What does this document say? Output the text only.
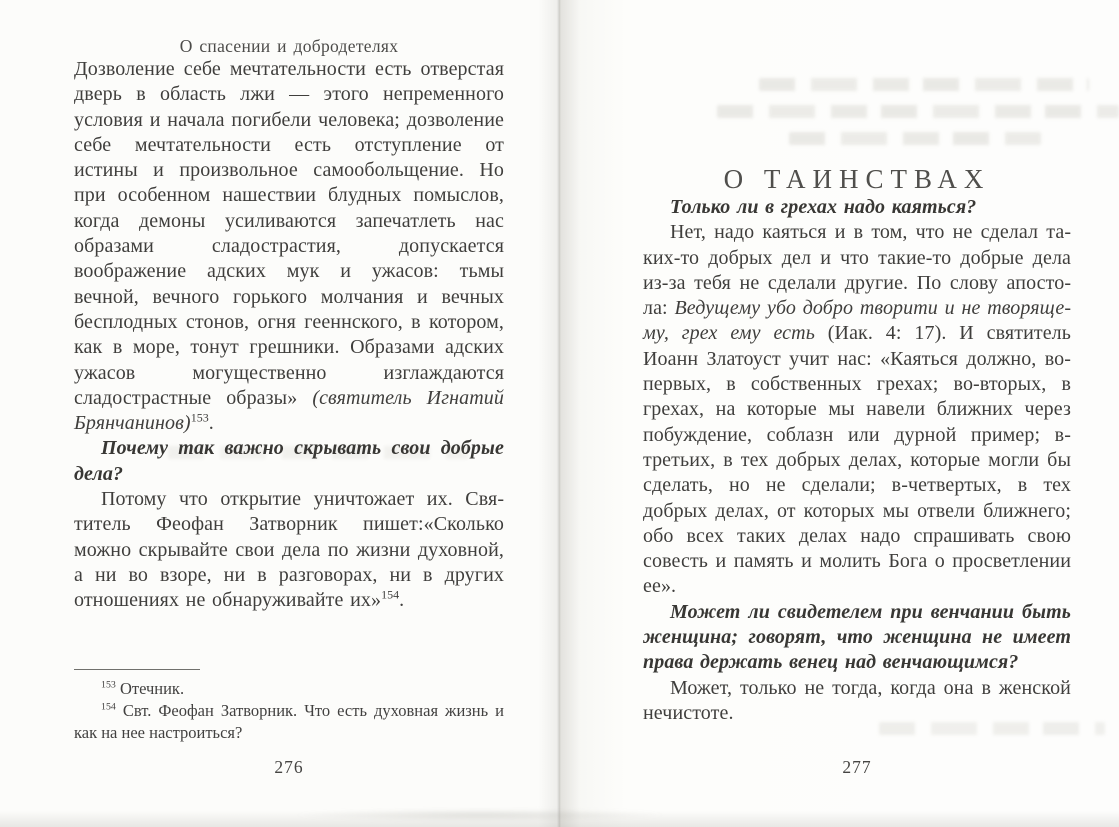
О спасении и добродетелях

Дозволение себе мечтательности есть отверстая дверь в область лжи — этого непременного условия и начала погибели человека; дозволение себе мечтательности есть отступление от истины и произвольное самообольщение. Но при особенном нашествии блудных помыслов, когда демоны усиливаются запечатлеть нас образами сладострастия, допускается воображение адских мук и ужасов: тьмы вечной, вечного горького молчания и вечных бесплодных стонов, огня гееннского, в котором, как в море, тонут грешники. Образами адских ужасов могущественно изглаждаются сладострастные образы» (святитель Игнатий Брянчанинов)$^{153}$.

Почему так важно скрывать свои добрые дела?

Потому что открытие уничтожает их. Святитель Феофан Затворник пишет:«Сколько можно скрывайте свои дела по жизни духовной, а ни во взоре, ни в разговорах, ни в других отношениях не обнаруживайте их»$^{154}$.

$^{153}$ Отечник.

$^{154}$ Свт. Феофан Затворник. Что есть духовная жизнь и как на нее настроиться?

276
О ТАИНСТВАХ

Только ли в грехах надо каяться?

Нет, надо каяться и в том, что не сделал таких-то добрых дел и что такие-то добрые дела из-за тебя не сделали другие. По слову апостола: Ведущему убо добро творити и не творящему, грех ему есть (Иак. 4: 17). И святитель Иоанн Златоуст учит нас: «Каяться должно, во-первых, в собственных грехах; во-вторых, в грехах, на которые мы навели ближних через побуждение, соблазн или дурной пример; в-третьих, в тех добрых делах, которые могли бы сделать, но не сделали; в-четвертых, в тех добрых делах, от которых мы отвели ближнего; обо всех таких делах надо спрашивать свою совесть и память и молить Бога о просветлении ее».

Может ли свидетелем при венчании быть женщина; говорят, что женщина не имеет права держать венец над венчающимся?

Может, только не тогда, когда она в женской нечистоте.

277
